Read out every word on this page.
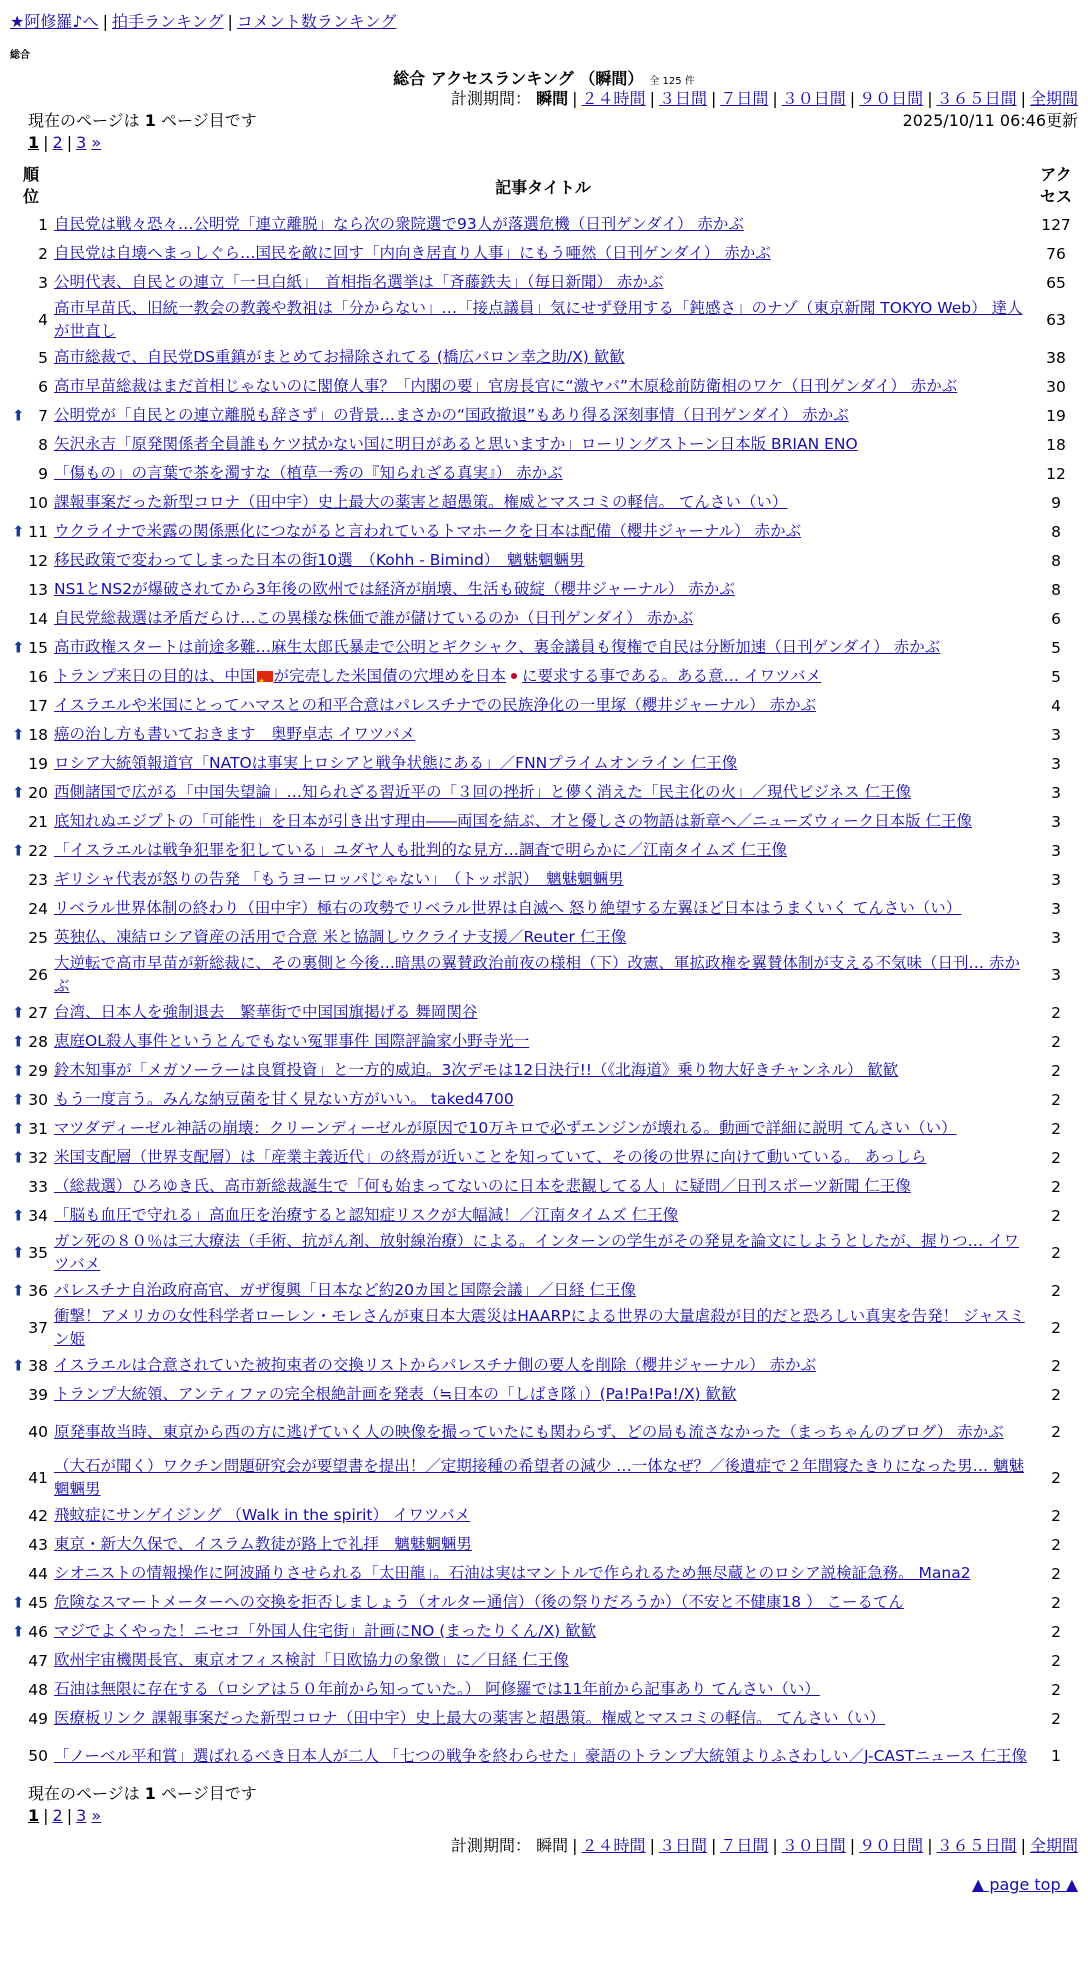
★阿修羅♪へ | 拍手ランキング | コメント数ランキング
総合
総合 アクセスランキング （瞬間） 全 125 件
計測期間： 瞬間 | ２４時間 | ３日間 | ７日間 | ３０日間 | ９０日間 | ３６５日間 | 全期間
現在のページは 1 ページ目です	2025/10/11 06:46更新
1 | 2 | 3 »
順
位	記事タイトル	アク
セス
1	自民党は戦々恐々…公明党「連立離脱」なら次の衆院選で93人が落選危機（日刊ゲンダイ） 赤かぶ	127
2	自民党は自壊へまっしぐら…国民を敵に回す「内向き居直り人事」にもう唖然（日刊ゲンダイ） 赤かぶ	76
3	公明代表、自民との連立「一旦白紙」　首相指名選挙は「斉藤鉄夫」（毎日新聞） 赤かぶ	65
4	高市早苗氏、旧統一教会の教義や教祖は「分からない」…「接点議員」気にせず登用する「鈍感さ」のナゾ（東京新聞 TOKYO Web） 達人が世直し	63
5	高市総裁で、自民党DS重鎮がまとめてお掃除されてる (橋広バロン幸之助/X) 歓歓	38
6	高市早苗総裁はまだ首相じゃないのに閣僚人事？「内閣の要」官房長官に“激ヤバ”木原稔前防衛相のワケ（日刊ゲンダイ） 赤かぶ	30

⬆ 7	公明党が「自民との連立離脱も辞さず」の背景…まさかの“国政撤退”もあり得る深刻事情（日刊ゲンダイ） 赤かぶ	19
8	矢沢永吉「原発関係者全員誰もケツ拭かない国に明日があると思いますか」ローリングストーン日本版 BRIAN ENO	18
9	「傷もの」の言葉で茶を濁すな（植草一秀の『知られざる真実』） 赤かぶ	12
10	課報事案だった新型コロナ（田中宇）史上最大の薬害と超愚策。権威とマスコミの軽信。 てんさい（い）	9

⬆ 11	ウクライナで米露の関係悪化につながると言われているトマホークを日本は配備（櫻井ジャーナル） 赤かぶ	8
12	移民政策で変わってしまった日本の街10選　（Kohh - Bimind）　魑魅魍魎男	8
13	NS1とNS2が爆破されてから3年後の欧州では経済が崩壊、生活も破綻（櫻井ジャーナル） 赤かぶ	8
14	自民党総裁選は矛盾だらけ…この異様な株価で誰が儲けているのか（日刊ゲンダイ） 赤かぶ	6

⬆ 15	高市政権スタートは前途多難…麻生太郎氏暴走で公明とギクシャク、裏金議員も復権で自民は分断加速（日刊ゲンダイ） 赤かぶ	5
16	トランプ来日の目的は、中国 ★ が完売した米国債の穴埋めを日本 に要求する事である。ある意… イワツバメ	5
17	イスラエルや米国にとってハマスとの和平合意はパレスチナでの民族浄化の一里塚（櫻井ジャーナル） 赤かぶ	4

⬆ 18	癌の治し方も書いておきます　奥野卓志 イワツバメ	3
19	ロシア大統領報道官「NATOは事実上ロシアと戦争状態にある」／FNNプライムオンライン 仁王像	3

⬆ 20	西側諸国で広がる「中国失望論」…知られざる習近平の「３回の挫折」と儚く消えた「民主化の火」／現代ビジネス 仁王像	3
21	底知れぬエジプトの「可能性」を日本が引き出す理由――両国を結ぶ、才と優しさの物語は新章へ／ニューズウィーク日本版 仁王像	3

⬆ 22	「イスラエルは戦争犯罪を犯している」ユダヤ人も批判的な見方…調査で明らかに／江南タイムズ 仁王像	3
23	ギリシャ代表が怒りの告発 「もうヨーロッパじゃない」　（トッポ訳）　魑魅魍魎男	3
24	リベラル世界体制の終わり（田中宇）極右の攻勢でリベラル世界は自滅へ 怒り絶望する左翼ほど日本はうまくいく てんさい（い）	3
25	英独仏、凍結ロシア資産の活用で合意 米と協調しウクライナ支援／Reuter 仁王像	3
26	大逆転で高市早苗が新総裁に、その裏側と今後…暗黒の翼賛政治前夜の様相（下）改憲、軍拡政権を翼賛体制が支える不気味（日刊… 赤かぶ	3

⬆ 27	台湾、日本人を強制退去　繁華街で中国国旗掲げる 舞岡関谷	2

⬆ 28	恵庭OL殺人事件というとんでもない冤罪事件 国際評論家小野寺光一	2

⬆ 29	鈴木知事が「メガソーラーは良質投資」と一方的威迫。3次デモは12日決行!!（《北海道》乗り物大好きチャンネル） 歓歓	2

⬆ 30	もう一度言う。みんな納豆菌を甘く見ない方がいい。 taked4700	2

⬆ 31	マツダディーゼル神話の崩壊：クリーンディーゼルが原因で10万キロで必ずエンジンが壊れる。動画で詳細に説明 てんさい（い）	2

⬆ 32	米国支配層（世界支配層）は「産業主義近代」の終焉が近いことを知っていて、その後の世界に向けて動いている。 あっしら	2
33	（総裁選）ひろゆき氏、高市新総裁誕生で「何も始まってないのに日本を悲観してる人」に疑問／日刊スポーツ新聞 仁王像	2

⬆ 34	「脳も血圧で守れる」高血圧を治療すると認知症リスクが大幅減！／江南タイムズ 仁王像	2

⬆ 35	ガン死の８０％は三大療法（手術、抗がん剤、放射線治療）による。インターンの学生がその発見を論文にしようとしたが、握りつ… イワツバメ	2

⬆ 36	パレスチナ自治政府高官、ガザ復興「日本など約20カ国と国際会議」／日経 仁王像	2
37	衝撃！アメリカの女性科学者ローレン・モレさんが東日本大震災はHAARPによる世界の大量虐殺が目的だと恐ろしい真実を告発！ ジャスミン姫	2

⬆ 38	イスラエルは合意されていた被拘束者の交換リストからパレスチナ側の要人を削除（櫻井ジャーナル） 赤かぶ	2
39	トランプ大統領、アンティファの完全根絶計画を発表（≒日本の「しばき隊」）(Pa!Pa!Pa!/X) 歓歓	2
40	原発事故当時、東京から西の方に逃げていく人の映像を撮っていたにも関わらず、どの局も流さなかった（まっちゃんのブログ） 赤かぶ	2
41	（大石が聞く）ワクチン問題研究会が要望書を提出！／定期接種の希望者の減少 …一体なぜ？／後遺症で２年間寝たきりになった男… 魑魅魍魎男	2
42	飛蚊症にサンゲイジング （Walk in the spirit） イワツバメ	2
43	東京・新大久保で、イスラム教徒が路上で礼拝　魑魅魍魎男	2
44	シオニストの情報操作に阿波踊りさせられる「太田龍」。石油は実はマントルで作られるため無尽蔵とのロシア説検証急務。 Mana2	2

⬆ 45	危険なスマートメーターへの交換を拒否しましょう（オルター通信）（後の祭りだろうか）（不安と不健康18 ） こーるてん	2

⬆ 46	マジでよくやった！ニセコ「外国人住宅街」計画にNO (まったりくん/X) 歓歓	2
47	欧州宇宙機関長官、東京オフィス検討「日欧協力の象徴」に／日経 仁王像	2
48	石油は無限に存在する（ロシアは５０年前から知っていた。） 阿修羅では11年前から記事あり てんさい（い）	2
49	医療板リンク 課報事案だった新型コロナ（田中宇）史上最大の薬害と超愚策。権威とマスコミの軽信。 てんさい（い）	2
50	「ノーベル平和賞」選ばれるべき日本人が二人 「七つの戦争を終わらせた」豪語のトランプ大統領よりふさわしい／J-CASTニュース 仁王像	1
現在のページは 1 ページ目です
1 | 2 | 3 »
計測期間： 瞬間 | ２４時間 | ３日間 | ７日間 | ３０日間 | ９０日間 | ３６５日間 | 全期間
▲ page top ▲
